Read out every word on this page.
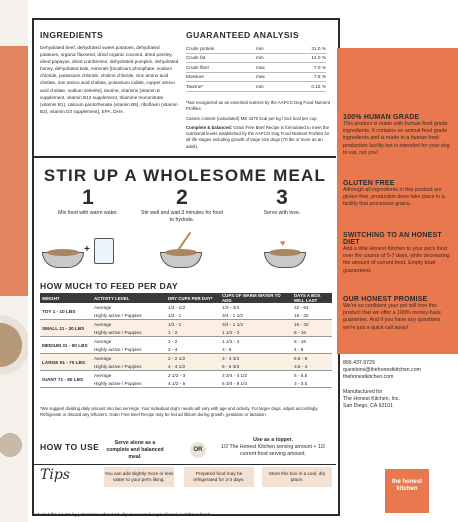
INGREDIENTS
Dehydrated beef, dehydrated sweet potatoes, dehydrated potatoes, organic flaxseed, dried organic coconut, dried parsley, dried papayas, dried cranberries, dehydrated pumpkin, dehydrated honey, dehydrated kale, minerals [tricalcium phosphate, sodium chloride, potassium chloride, choline chloride, zinc amino acid chelate, iron amino acid chelate, potassium iodide, copper amino acid chelate, sodium selenite], taurine, vitamins [vitamin E supplement, vitamin B12 supplement, thiamine mononitrate (vitamin B1), calcium pantothenate (vitamin B5), riboflavin (vitamin B2), vitamin D3 supplement], EPA, DHA.
GUARANTEED ANALYSIS
Crude protein	min	31.0 %
Crude fat	min	14.0 %
Crude fiber	max	7.0 %
Moisture	max	7.8 %
Taurine*	min	0.15 %
*Not recognized as an essential nutrient by the AAFCO Dog Food Nutrient Profiles.
Calorie content (calculated) ME 4470 kcal per kg / 514 kcal per cup
Complete & balanced: Grain Free Beef Recipe is formulated to meet the nutritional levels established by the AAFCO Dog Food Nutrient Profiles for all life stages including growth of large size dogs (70 lbs or more as an adult).
STIR UP A WHOLESOME MEAL
1
Mix food with warm water.
2
Stir well and wait 3 minutes for food to hydrate.
3
Serve with love.
+
♥
HOW MUCH TO FEED PER DAY
WEIGHT	ACTIVITY LEVEL	DRY CUPS PER DAY*	CUPS OF WARM WATER TO ADD	DAYS A BOX WILL LAST
TOY 1 - 10 LBS	Average	1/4 - 1/2	1/3 - 3/4	32 - 64
	Highly active / Puppies	1/2 - 1	3/4 - 1 1/2	16 - 32
SMALL 11 - 30 LBS	Average	1/2 - 1	3/4 - 1 1/2	16 - 32
	Highly active / Puppies	1 - 2	1 1/2 - 3	8 - 16
MEDIUM 31 - 50 LBS	Average	1 - 2	1 1/2 - 3	8 - 16
	Highly active / Puppies	2 - 4	3 - 6	4 - 8
LARGE 51 - 70 LBS	Average	2 - 2 1/2	3 - 3 3/4	6.5 - 8
	Highly active / Puppies	4 - 4 1/2	6 - 6 3/4	3.5 - 4
GIANT 71 - 90 LBS	Average	2 1/2 - 3	3 3/4 - 4 1/2	5 - 6.5
	Highly active / Puppies	4 1/2 - 5	6 3/4 - 8 1/4	3 - 3.5
*We suggest dividing daily amount into two servings. Your individual dog's needs will vary with age and activity. For larger dogs, adjust accordingly. Refrigerate or discard any leftovers. Grain Free Beef Recipe may be fed ad libitum during growth, gestation or lactation.
HOW TO USE	Serve alone as a complete and balanced meal.
OR
Use as a topper.
1/2 The Honest Kitchen serving amount + 1/2 current food serving amount.
Tips	You can add slightly more or less water to your pet's liking.
Prepared food may be refrigerated for 2-3 days.
Store this box in a cool, dry place.
Net wt 4 lbs / 1.81 kg | Contains about 16 dry-measured cups of real, nutritious food.
100% HUMAN GRADE

This product is made with human food grade ingredients. It contains no animal feed grade ingredients and is made in a human food production facility but is intended for your dog to eat, not you!

GLUTEN FREE

Although all ingredients in this product are gluten-free, production does take place in a facility that processes grains.

SWITCHING TO AN HONEST DIET

Add a little Honest Kitchen to your pet's food over the course of 5-7 days, while decreasing the amount of current food. Empty bowl guaranteed.

OUR HONEST PROMISE

We're so confident your pet will love this product that we offer a 100% money-back guarantee. And if you have any questions we're just a quick call away!

866.437.9729
questions@thehonestkitchen.com
thehonestkitchen.com
Manufactured for
The Honest Kitchen, Inc.
San Diego, CA 92101
the honest kitchen
